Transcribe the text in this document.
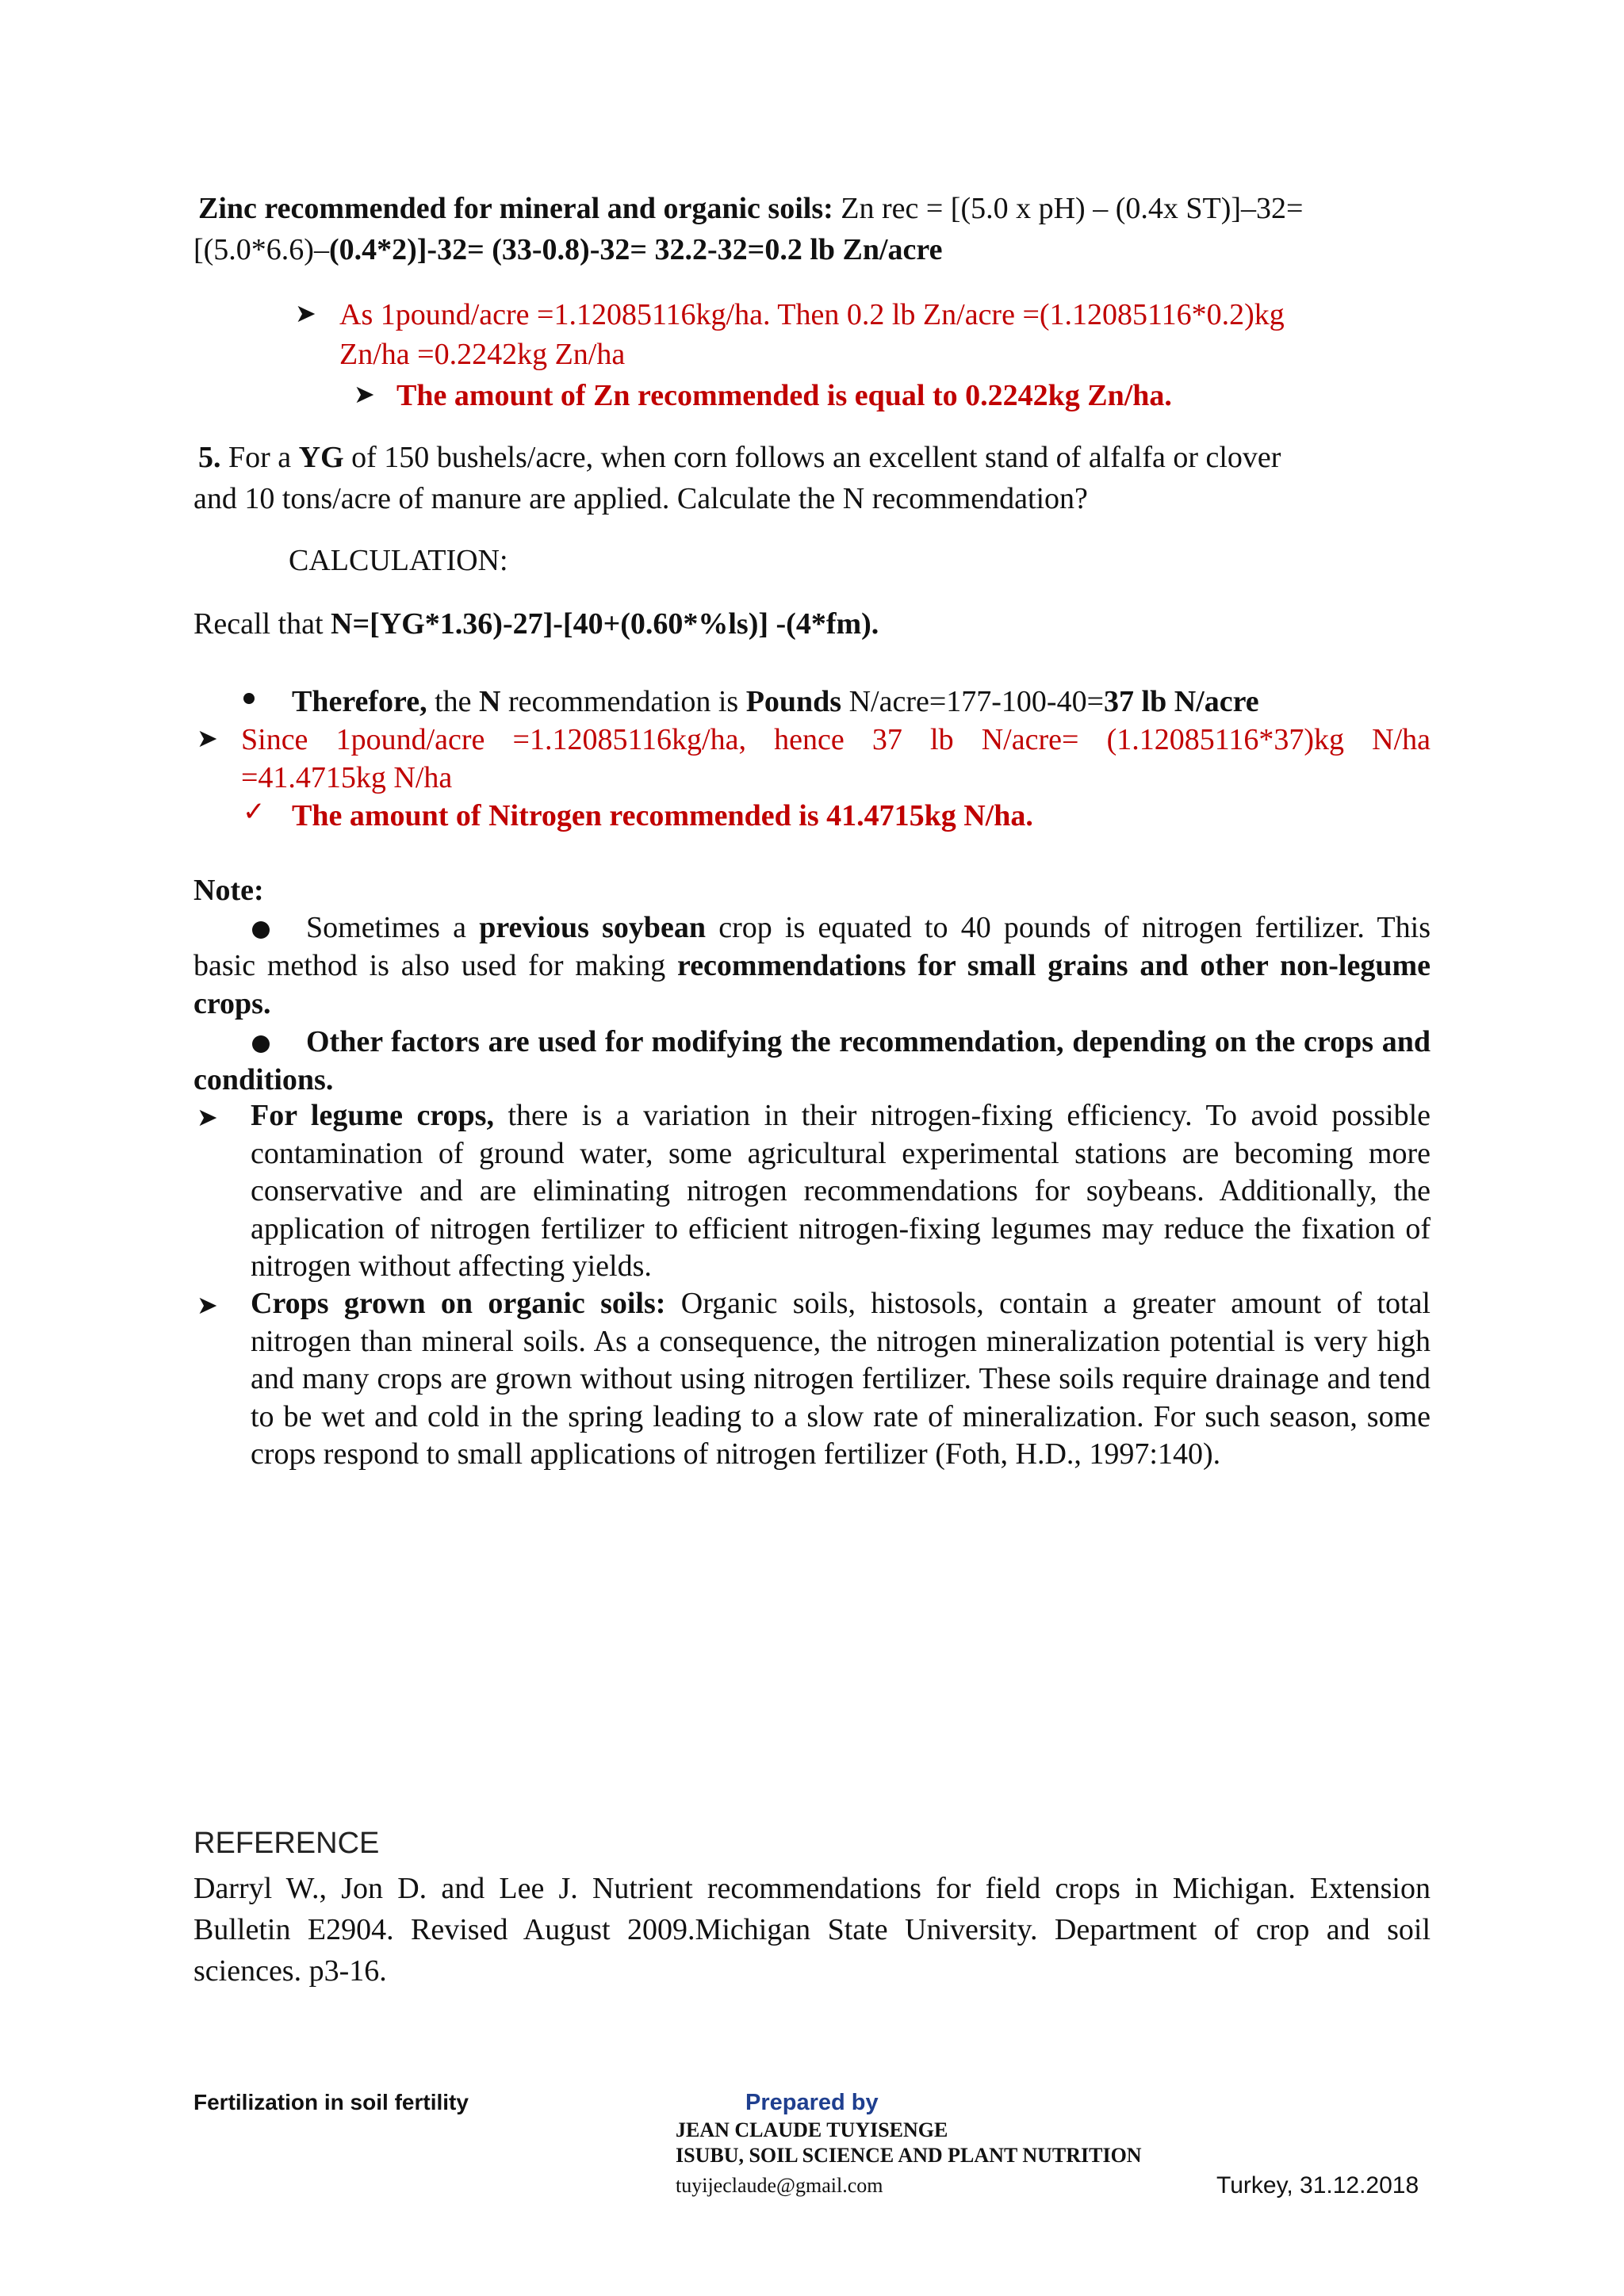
Zinc recommended for mineral and organic soils: Zn rec = [(5.0 x pH) – (0.4x ST)]–32=
[(5.0*6.6)–(0.4*2)]-32= (33-0.8)-32= 32.2-32=0.2 lb Zn/acre
➤ As 1pound/acre =1.12085116kg/ha. Then 0.2 lb Zn/acre =(1.12085116*0.2)kg
Zn/ha =0.2242kg Zn/ha
➤ The amount of Zn recommended is equal to 0.2242kg Zn/ha.
5. For a YG of 150 bushels/acre, when corn follows an excellent stand of alfalfa or clover
and 10 tons/acre of manure are applied. Calculate the N recommendation?
CALCULATION:
Recall that N=[YG*1.36)-27]-[40+(0.60*%ls)] -(4*fm).
Therefore, the N recommendation is Pounds N/acre=177-100-40=37 lb N/acre
➤ Since 1pound/acre =1.12085116kg/ha, hence 37 lb N/acre= (1.12085116*37)kg N/ha
=41.4715kg N/ha
✓ The amount of Nitrogen recommended is 41.4715kg N/ha.
Note:
Sometimes a previous soybean crop is equated to 40 pounds of nitrogen fertilizer. This basic method is also used for making recommendations for small grains and other non-legume crops.
Other factors are used for modifying the recommendation, depending on the crops and conditions.
➤ For legume crops, there is a variation in their nitrogen-fixing efficiency. To avoid possible contamination of ground water, some agricultural experimental stations are becoming more conservative and are eliminating nitrogen recommendations for soybeans. Additionally, the application of nitrogen fertilizer to efficient nitrogen-fixing legumes may reduce the fixation of nitrogen without affecting yields.
➤ Crops grown on organic soils: Organic soils, histosols, contain a greater amount of total nitrogen than mineral soils. As a consequence, the nitrogen mineralization potential is very high and many crops are grown without using nitrogen fertilizer. These soils require drainage and tend to be wet and cold in the spring leading to a slow rate of mineralization. For such season, some crops respond to small applications of nitrogen fertilizer (Foth, H.D., 1997:140).
REFERENCE
Darryl W., Jon D. and Lee J. Nutrient recommendations for field crops in Michigan. Extension Bulletin E2904. Revised August 2009.Michigan State University. Department of crop and soil sciences. p3-16.
Fertilization in soil fertility	Prepared by
JEAN CLAUDE TUYISENGE
ISUBU, SOIL SCIENCE AND PLANT NUTRITION
tuyijeclaude@gmail.com	Turkey, 31.12.2018
